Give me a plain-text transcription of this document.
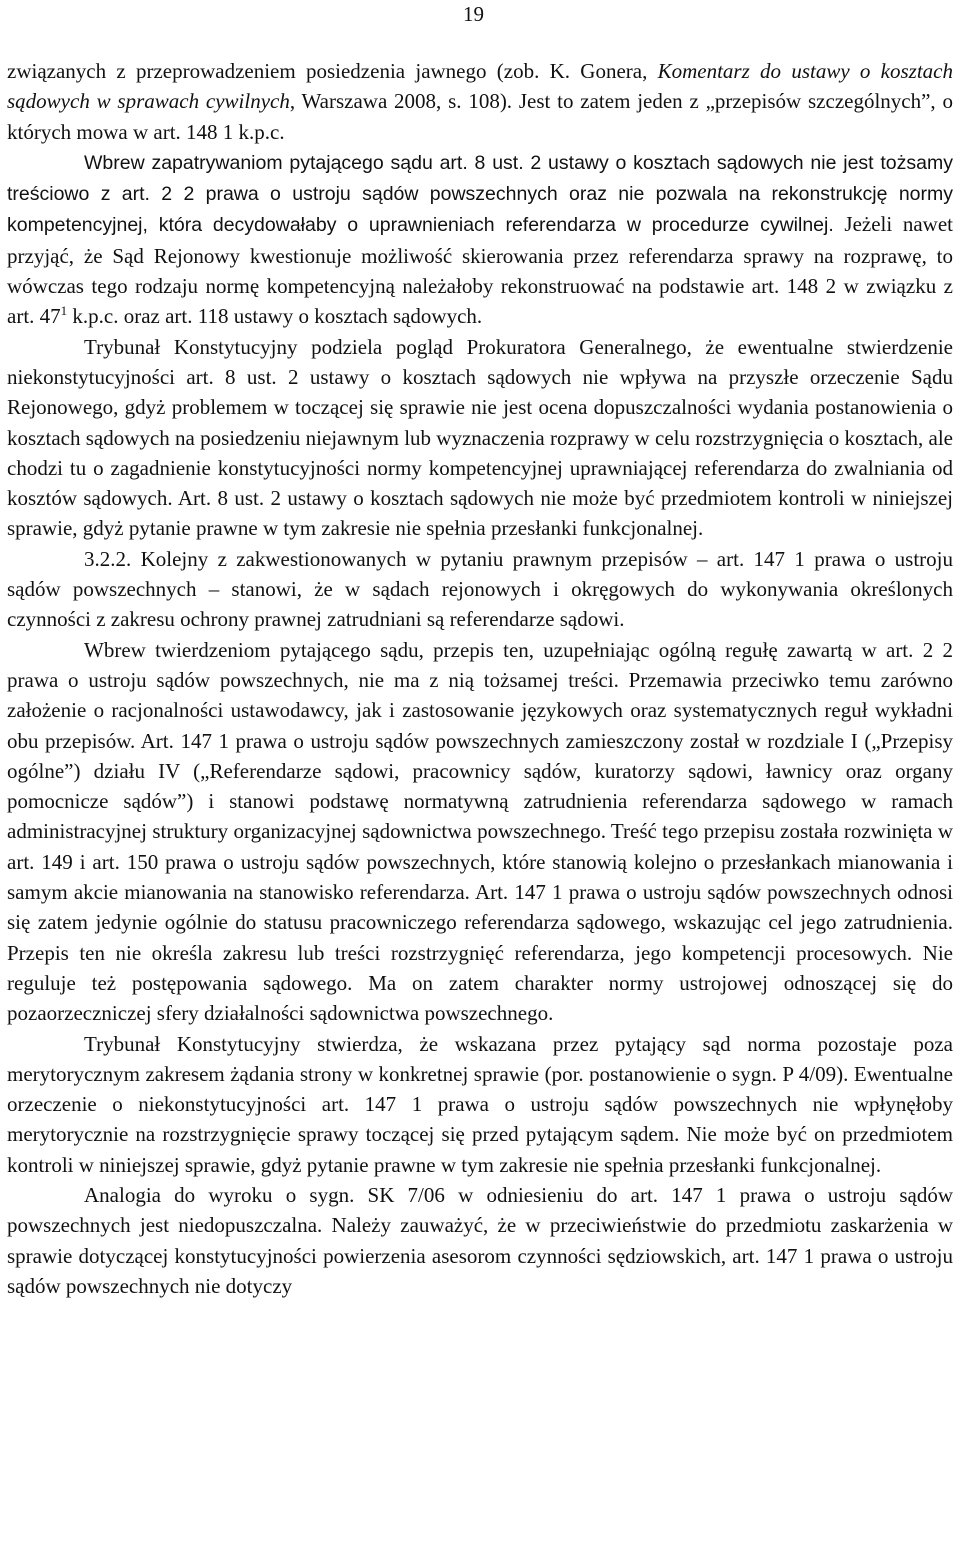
19

związanych z przeprowadzeniem posiedzenia jawnego (zob. K. Gonera, Komentarz do ustawy o kosztach sądowych w sprawach cywilnych, Warszawa 2008, s. 108). Jest to zatem jeden z „przepisów szczególnych”, o których mowa w art. 148 1 k.p.c.

Wbrew zapatrywaniom pytającego sądu art. 8 ust. 2 ustawy o kosztach sądowych nie jest tożsamy treściowo z art. 2 2 prawa o ustroju sądów powszechnych oraz nie pozwala na rekonstrukcję normy kompetencyjnej, która decydowałaby o uprawnieniach referendarza w procedurze cywilnej. Jeżeli nawet przyjąć, że Sąd Rejonowy kwestionuje możliwość skierowania przez referendarza sprawy na rozprawę, to wówczas tego rodzaju normę kompetencyjną należałoby rekonstruować na podstawie art. 148 2 w związku z art. $47^1$ k.p.c. oraz art. 118 ustawy o kosztach sądowych.

Trybunał Konstytucyjny podziela pogląd Prokuratora Generalnego, że ewentualne stwierdzenie niekonstytucyjności art. 8 ust. 2 ustawy o kosztach sądowych nie wpływa na przyszłe orzeczenie Sądu Rejonowego, gdyż problemem w toczącej się sprawie nie jest ocena dopuszczalności wydania postanowienia o kosztach sądowych na posiedzeniu niejawnym lub wyznaczenia rozprawy w celu rozstrzygnięcia o kosztach, ale chodzi tu o zagadnienie konstytucyjności normy kompetencyjnej uprawniającej referendarza do zwalniania od kosztów sądowych. Art. 8 ust. 2 ustawy o kosztach sądowych nie może być przedmiotem kontroli w niniejszej sprawie, gdyż pytanie prawne w tym zakresie nie spełnia przesłanki funkcjonalnej.

3.2.2. Kolejny z zakwestionowanych w pytaniu prawnym przepisów – art. 147 1 prawa o ustroju sądów powszechnych – stanowi, że w sądach rejonowych i okręgowych do wykonywania określonych czynności z zakresu ochrony prawnej zatrudniani są referendarze sądowi.

Wbrew twierdzeniom pytającego sądu, przepis ten, uzupełniając ogólną regułę zawartą w art. 2 2 prawa o ustroju sądów powszechnych, nie ma z nią tożsamej treści. Przemawia przeciwko temu zarówno założenie o racjonalności ustawodawcy, jak i zastosowanie językowych oraz systematycznych reguł wykładni obu przepisów. Art. 147 1 prawa o ustroju sądów powszechnych zamieszczony został w rozdziale I („Przepisy ogólne”) działu IV („Referendarze sądowi, pracownicy sądów, kuratorzy sądowi, ławnicy oraz organy pomocnicze sądów”) i stanowi podstawę normatywną zatrudnienia referendarza sądowego w ramach administracyjnej struktury organizacyjnej sądownictwa powszechnego. Treść tego przepisu została rozwinięta w art. 149 i art. 150 prawa o ustroju sądów powszechnych, które stanowią kolejno o przesłankach mianowania i samym akcie mianowania na stanowisko referendarza. Art. 147 1 prawa o ustroju sądów powszechnych odnosi się zatem jedynie ogólnie do statusu pracowniczego referendarza sądowego, wskazując cel jego zatrudnienia. Przepis ten nie określa zakresu lub treści rozstrzygnięć referendarza, jego kompetencji procesowych. Nie reguluje też postępowania sądowego. Ma on zatem charakter normy ustrojowej odnoszącej się do pozaorzeczniczej sfery działalności sądownictwa powszechnego.

Trybunał Konstytucyjny stwierdza, że wskazana przez pytający sąd norma pozostaje poza merytorycznym zakresem żądania strony w konkretnej sprawie (por. postanowienie o sygn. P 4/09). Ewentualne orzeczenie o niekonstytucyjności art. 147 1 prawa o ustroju sądów powszechnych nie wpłynęłoby merytorycznie na rozstrzygnięcie sprawy toczącej się przed pytającym sądem. Nie może być on przedmiotem kontroli w niniejszej sprawie, gdyż pytanie prawne w tym zakresie nie spełnia przesłanki funkcjonalnej.

Analogia do wyroku o sygn. SK 7/06 w odniesieniu do art. 147 1 prawa o ustroju sądów powszechnych jest niedopuszczalna. Należy zauważyć, że w przeciwieństwie do przedmiotu zaskarżenia w sprawie dotyczącej konstytucyjności powierzenia asesorom czynności sędziowskich, art. 147 1 prawa o ustroju sądów powszechnych nie dotyczy
